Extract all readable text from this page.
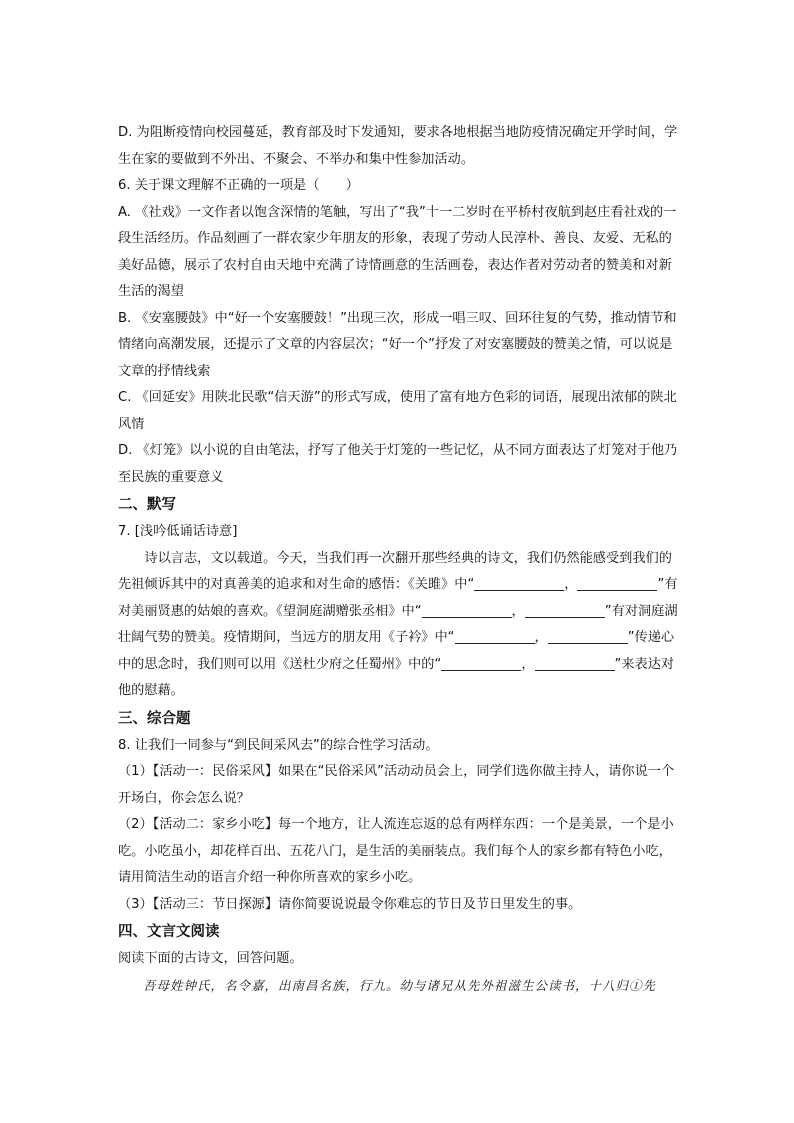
D. 为阻断疫情向校园蔓延，教育部及时下发通知，要求各地根据当地防疫情况确定开学时间，学生在家的要做到不外出、不聚会、不举办和集中性参加活动。

6. 关于课文理解不正确的一项是（　　）

A. 《社戏》一文作者以饱含深情的笔触，写出了“我”十一二岁时在平桥村夜航到赵庄看社戏的一段生活经历。作品刻画了一群农家少年朋友的形象，表现了劳动人民淳朴、善良、友爱、无私的美好品德，展示了农村自由天地中充满了诗情画意的生活画卷，表达作者对劳动者的赞美和对新生活的渴望

B. 《安塞腰鼓》中“好一个安塞腰鼓！”出现三次，形成一唱三叹、回环往复的气势，推动情节和情绪向高潮发展，还提示了文章的内容层次；“好一个”抒发了对安塞腰鼓的赞美之情，可以说是文章的抒情线索

C. 《回延安》用陕北民歌“信天游”的形式写成，使用了富有地方色彩的词语，展现出浓郁的陕北风情

D. 《灯笼》以小说的自由笔法，抒写了他关于灯笼的一些记忆，从不同方面表达了灯笼对于他乃至民族的重要意义

二、默写

7. [浅吟低诵话诗意]

诗以言志，文以载道。今天，当我们再一次翻开那些经典的诗文，我们仍然能感受到我们的先祖倾诉其中的对真善美的追求和对生命的感悟：《关雎》中“	，	”有对美丽贤惠的姑娘的喜欢。《望洞庭湖赠张丞相》中“	，	”有对洞庭湖壮阔气势的赞美。疫情期间，当远方的朋友用《子衿》中“	，	”传递心中的思念时，我们则可以用《送杜少府之任蜀州》中的“	，	”来表达对他的慰藉。

三、综合题

8. 让我们一同参与“到民间采风去”的综合性学习活动。

（1）【活动一：民俗采风】如果在“民俗采风”活动动员会上，同学们选你做主持人，请你说一个开场白，你会怎么说？

（2）【活动二：家乡小吃】每一个地方，让人流连忘返的总有两样东西：一个是美景，一个是小吃。小吃虽小，却花样百出、五花八门，是生活的美丽装点。我们每个人的家乡都有特色小吃，请用简洁生动的语言介绍一种你所喜欢的家乡小吃。

（3）【活动三：节日探源】请你简要说说最令你难忘的节日及节日里发生的事。

四、文言文阅读

阅读下面的古诗文，回答问题。

吾母姓钟氏，名令嘉，出南昌名族，行九。幼与诸兄从先外祖滋生公读书，十八归①先
